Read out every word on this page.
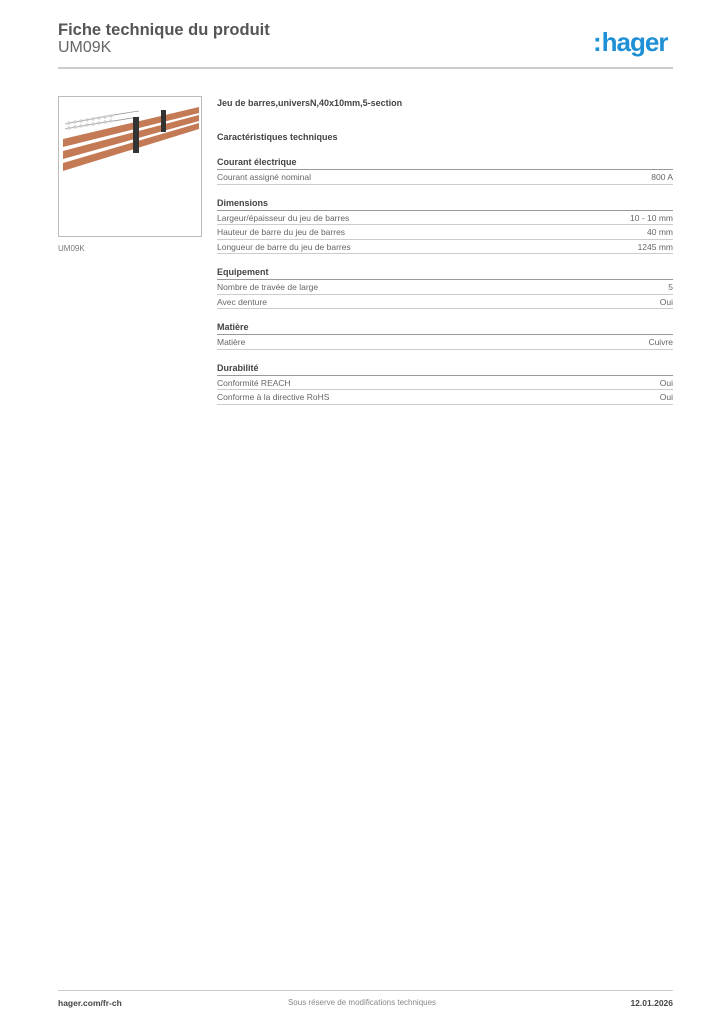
Fiche technique du produit
UM09K	:hager
UM09K
Jeu de barres,universN,40x10mm,5-section
Caractéristiques techniques
Courant électrique
Courant assigné nominal	800 A
Dimensions
Largeur/épaisseur du jeu de barres	10 - 10 mm
Hauteur de barre du jeu de barres	40 mm
Longueur de barre du jeu de barres	1245 mm
Equipement
Nombre de travée de large	5
Avec denture	Oui
Matière
Matière	Cuivre
Durabilité
Conformité REACH	Oui
Conforme à la directive RoHS	Oui
hager.com/fr-ch	Sous réserve de modifications techniques	12.01.2026
